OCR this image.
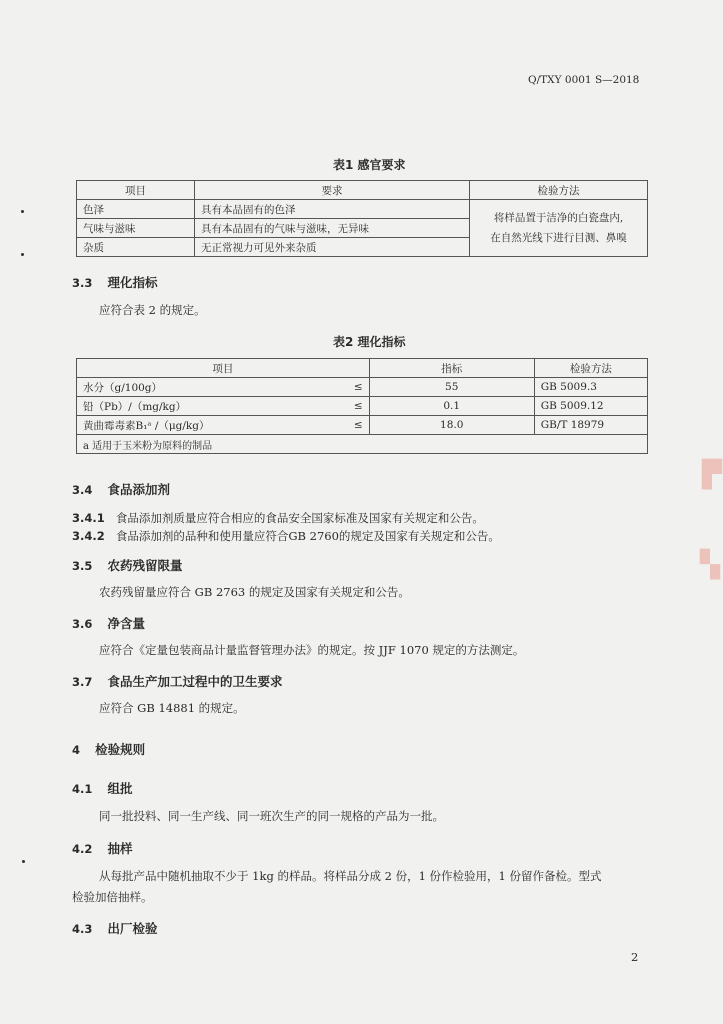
Q/TXY 0001 S—2018
▛
▚
表1 感官要求
项目	要求	检验方法
色泽	具有本品固有的色泽	将样品置于洁净的白瓷盘内,
在自然光线下进行目测、鼻嗅

气味与滋味	具有本品固有的气味与滋味，无异味	
杂质	无正常视力可见外来杂质	
3.3 理化指标
应符合表 2 的规定。
表2 理化指标
项目		指标	检验方法
水分（g/100g）	≤	55	GB 5009.3
铅（Pb）/（mg/kg）	≤	0.1	GB 5009.12
黄曲霉毒素B₁ᵃ /（μg/kg）	≤	18.0	GB/T 18979
a 适用于玉米粉为原料的制品			
3.4 食品添加剂
3.4.1 食品添加剂质量应符合相应的食品安全国家标准及国家有关规定和公告。
3.4.2 食品添加剂的品种和使用量应符合GB 2760的规定及国家有关规定和公告。
3.5 农药残留限量
农药残留量应符合 GB 2763 的规定及国家有关规定和公告。
3.6 净含量
应符合《定量包装商品计量监督管理办法》的规定。按 JJF 1070 规定的方法测定。
3.7 食品生产加工过程中的卫生要求
应符合 GB 14881 的规定。
4 检验规则
4.1 组批
同一批投料、同一生产线、同一班次生产的同一规格的产品为一批。
4.2 抽样
从每批产品中随机抽取不少于 1kg 的样品。将样品分成 2 份，1 份作检验用，1 份留作备检。型式
检验加倍抽样。
4.3 出厂检验
2
